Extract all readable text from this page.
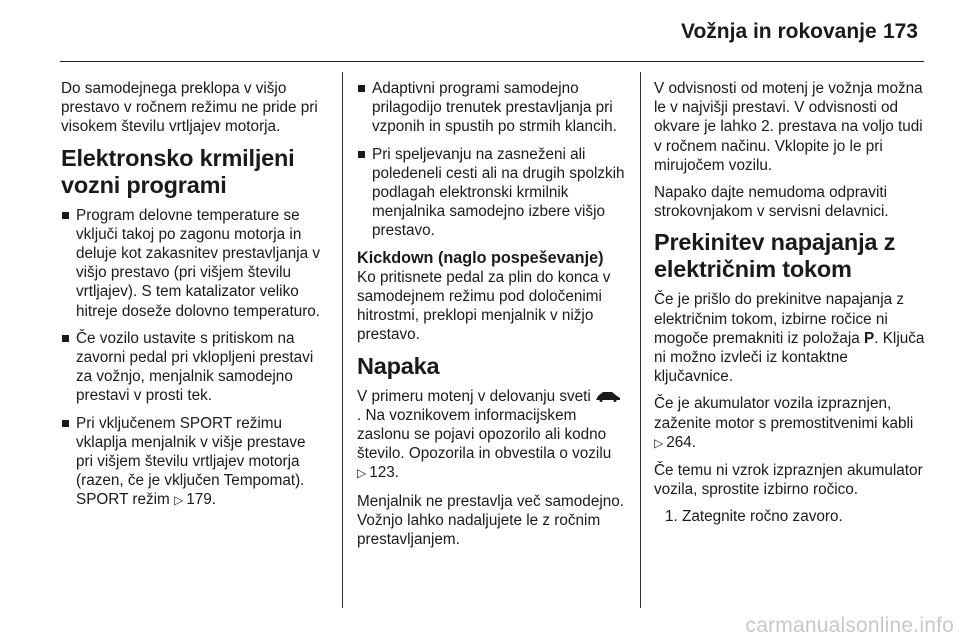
Vožnja in rokovanje 173

Do samodejnega preklopa v višjo prestavo v ročnem režimu ne pride pri visokem številu vrtljajev motorja.

Elektronsko krmiljeni vozni programi
Program delovne temperature se vključi takoj po zagonu motorja in deluje kot zakasnitev prestavljanja v višjo prestavo (pri višjem številu vrtljajev). S tem katalizator veliko hitreje doseže dolovno temperaturo.
Če vozilo ustavite s pritiskom na zavorni pedal pri vklopljeni prestavi za vožnjo, menjalnik samodejno prestavi v prosti tek.
Pri vključenem SPORT režimu vklaplja menjalnik v višje prestave pri višjem številu vrtljajev motorja (razen, če je vključen Tempomat). SPORT režim ▷ 179.
Adaptivni programi samodejno prilagodijo trenutek prestavljanja pri vzponih in spustih po strmih klancih.
Pri speljevanju na zasneženi ali poledeneli cesti ali na drugih spolzkih podlagah elektronski krmilnik menjalnika samodejno izbere višjo prestavo.
Kickdown (naglo pospeševanje)

Ko pritisnete pedal za plin do konca v samodejnem režimu pod določenimi hitrostmi, preklopi menjalnik v nižjo prestavo.

Napaka

V primeru motenj v delovanju sveti . Na voznikovem informacijskem zaslonu se pojavi opozorilo ali kodno število. Opozorila in obvestila o vozilu ▷ 123.

Menjalnik ne prestavlja več samodejno. Vožnjo lahko nadaljujete le z ročnim prestavljanjem.

V odvisnosti od motenj je vožnja možna le v najvišji prestavi. V odvisnosti od okvare je lahko 2. prestava na voljo tudi v ročnem načinu. Vklopite jo le pri mirujočem vozilu.

Napako dajte nemudoma odpraviti strokovnjakom v servisni delavnici.

Prekinitev napajanja z električnim tokom

Če je prišlo do prekinitve napajanja z električnim tokom, izbirne ročice ni mogoče premakniti iz položaja P. Ključa ni možno izvleči iz kontaktne ključavnice.

Če je akumulator vozila izpraznjen, zaženite motor s premostitvenimi kabli ▷ 264.

Če temu ni vzrok izpraznjen akumulator vozila, sprostite izbirno ročico.

1. Zategnite ročno zavoro.

carmanualsonline.info
